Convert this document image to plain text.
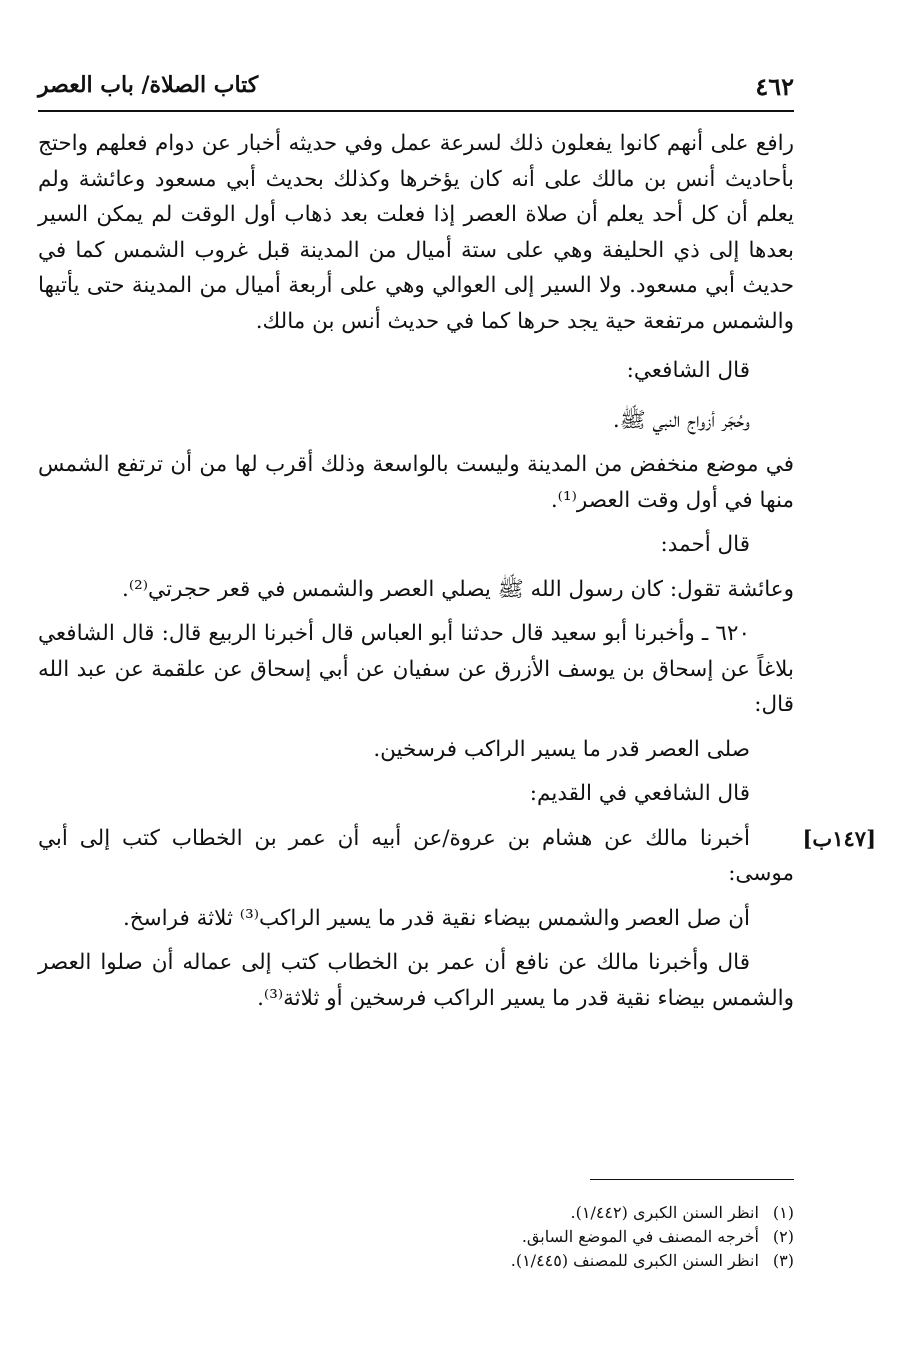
٤٦٢
كتاب الصلاة/ باب العصر

رافع على أنهم كانوا يفعلون ذلك لسرعة عمل وفي حديثه أخبار عن دوام فعلهم واحتج بأحاديث أنس بن مالك على أنه كان يؤخرها وكذلك بحديث أبي مسعود وعائشة ولم يعلم أن كل أحد يعلم أن صلاة العصر إذا فعلت بعد ذهاب أول الوقت لم يمكن السير بعدها إلى ذي الحليفة وهي على ستة أميال من المدينة قبل غروب الشمس كما في حديث أبي مسعود. ولا السير إلى العوالي وهي على أربعة أميال من المدينة حتى يأتيها والشمس مرتفعة حية يجد حرها كما في حديث أنس بن مالك.

قال الشافعي:

وحُجَر أزواج النبي ﷺ.

في موضع منخفض من المدينة وليست بالواسعة وذلك أقرب لها من أن ترتفع الشمس منها في أول وقت العصر⁽¹⁾.

قال أحمد:

وعائشة تقول: كان رسول الله ﷺ يصلي العصر والشمس في قعر حجرتي⁽²⁾.

٦٢٠ ـ وأخبرنا أبو سعيد قال حدثنا أبو العباس قال أخبرنا الربيع قال: قال الشافعي بلاغاً عن إسحاق بن يوسف الأزرق عن سفيان عن أبي إسحاق عن علقمة عن عبد الله قال:

صلى العصر قدر ما يسير الراكب فرسخين.

قال الشافعي في القديم:

[١٤٧ب]

أخبرنا مالك عن هشام بن عروة/عن أبيه أن عمر بن الخطاب كتب إلى أبي موسى:

أن صل العصر والشمس بيضاء نقية قدر ما يسير الراكب⁽³⁾ ثلاثة فراسخ.

قال وأخبرنا مالك عن نافع أن عمر بن الخطاب كتب إلى عماله أن صلوا العصر والشمس بيضاء نقية قدر ما يسير الراكب فرسخين أو ثلاثة⁽³⁾.

(١) انظر السنن الكبرى (١/٤٤٢).
(٢) أخرجه المصنف في الموضع السابق.
(٣) انظر السنن الكبرى للمصنف (١/٤٤٥).
